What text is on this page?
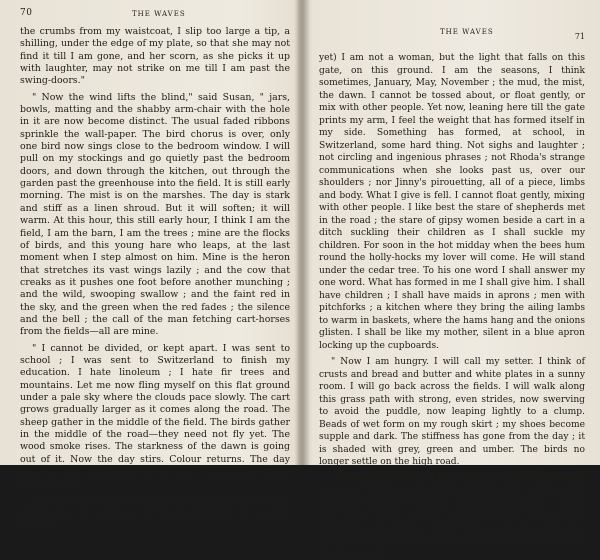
70	THE WAVES

the crumbs from my waistcoat, I slip too large a tip, a shilling, under the edge of my plate, so that she may not find it till I am gone, and her scorn, as she picks it up with laughter, may not strike on me till I am past the swing-doors."

" Now the wind lifts the blind," said Susan, " jars, bowls, matting and the shabby arm-chair with the hole in it are now become distinct. The usual faded ribbons sprinkle the wall-paper. The bird chorus is over, only one bird now sings close to the bedroom window. I will pull on my stockings and go quietly past the bedroom doors, and down through the kitchen, out through the garden past the greenhouse into the field. It is still early morning. The mist is on the marshes. The day is stark and stiff as a linen shroud. But it will soften; it will warm. At this hour, this still early hour, I think I am the field, I am the barn, I am the trees ; mine are the flocks of birds, and this young hare who leaps, at the last moment when I step almost on him. Mine is the heron that stretches its vast wings lazily ; and the cow that creaks as it pushes one foot before another munching ; and the wild, swooping swallow ; and the faint red in the sky, and the green when the red fades ; the silence and the bell ; the call of the man fetching cart-horses from the fields—all are mine.

" I cannot be divided, or kept apart. I was sent to school ; I was sent to Switzerland to finish my education. I hate linoleum ; I hate fir trees and mountains. Let me now fling myself on this flat ground under a pale sky where the clouds pace slowly. The cart grows gradually larger as it comes along the road. The sheep gather in the middle of the field. The birds gather in the middle of the road—they need not fly yet. The wood smoke rises. The starkness of the dawn is going out of it. Now the day stirs. Colour returns. The day waves yellow with all its crops. The earth hangs heavy beneath me.

" But who am I, who lean on this gate and watch my setter nose in a circle ? I think sometimes (I am not twenty

THE WAVES	71

yet) I am not a woman, but the light that falls on this gate, on this ground. I am the seasons, I think sometimes, January, May, November ; the mud, the mist, the dawn. I cannot be tossed about, or float gently, or mix with other people. Yet now, leaning here till the gate prints my arm, I feel the weight that has formed itself in my side. Something has formed, at school, in Switzerland, some hard thing. Not sighs and laughter ; not circling and ingenious phrases ; not Rhoda's strange communications when she looks past us, over our shoulders ; nor Jinny's pirouetting, all of a piece, limbs and body. What I give is fell. I cannot float gently, mixing with other people. I like best the stare of shepherds met in the road ; the stare of gipsy women beside a cart in a ditch suckling their children as I shall suckle my children. For soon in the hot midday when the bees hum round the holly-hocks my lover will come. He will stand under the cedar tree. To his one word I shall answer my one word. What has formed in me I shall give him. I shall have children ; I shall have maids in aprons ; men with pitchforks ; a kitchen where they bring the ailing lambs to warm in baskets, where the hams hang and the onions glisten. I shall be like my mother, silent in a blue apron locking up the cupboards.

" Now I am hungry. I will call my setter. I think of crusts and bread and butter and white plates in a sunny room. I will go back across the fields. I will walk along this grass path with strong, even strides, now swerving to avoid the puddle, now leaping lightly to a clump. Beads of wet form on my rough skirt ; my shoes become supple and dark. The stiffness has gone from the day ; it is shaded with grey, green and umber. The birds no longer settle on the high road.

" I return, like a cat or fox returning, whose fur is grey with time, whose pads are hardened by the coarse earth. I push through the cabbages, making their leaves squeak and their drops spill. I sit waiting for my father's footsteps as he shuffles down the passage pinching some herb between his fingers. I pour out cup after cup while the unopened
